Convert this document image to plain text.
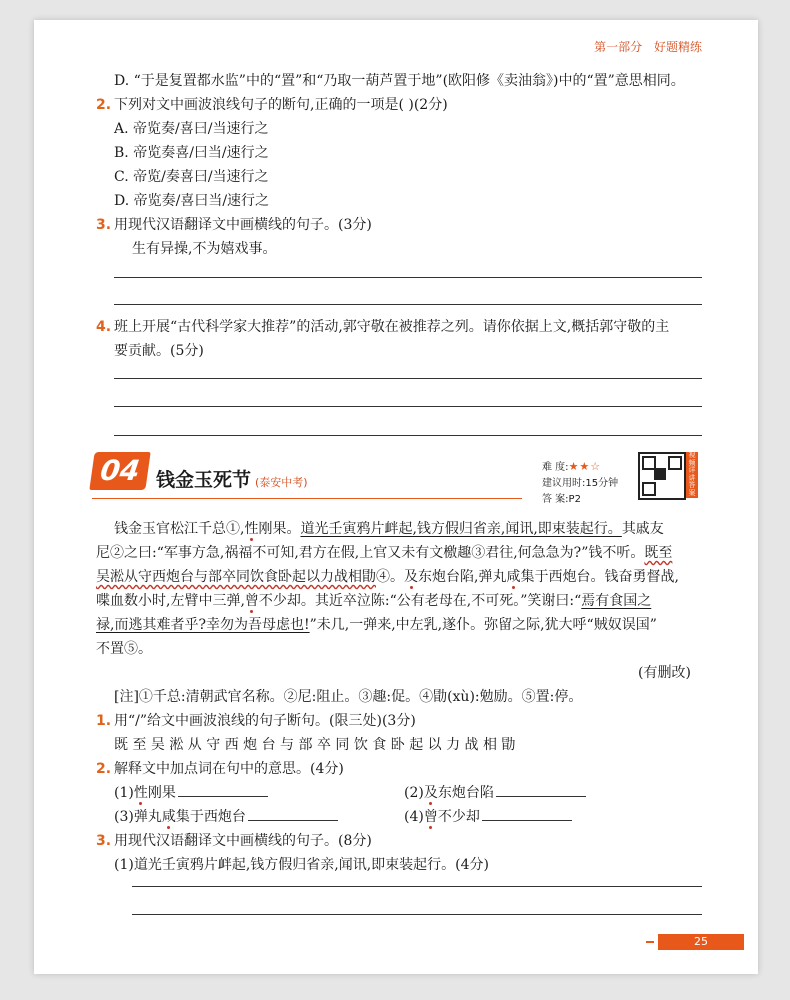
第一部分 好题精练
D. “于是复置都水监”中的“置”和“乃取一葫芦置于地”(欧阳修《卖油翁》)中的“置”意思相同。
2. 下列对文中画波浪线句子的断句,正确的一项是( )(2分)
A. 帝览奏/喜曰/当速行之
B. 帝览奏喜/曰当/速行之
C. 帝览/奏喜曰/当速行之
D. 帝览奏/喜曰当/速行之
3. 用现代汉语翻译文中画横线的句子。(3分)
生有异操,不为嬉戏事。
4. 班上开展“古代科学家大推荐”的活动,郭守敬在被推荐之列。请你依据上文,概括郭守敬的主
要贡献。(5分)
04 钱金玉死节 (泰安中考)
难 度:★★☆
建议用时:15分钟
答 案:P2
视频详讲答案
钱金玉官松江千总①,性刚果。道光壬寅鸦片衅起,钱方假归省亲,闻讯,即束装起行。其戚友
尼②之曰:“军事方急,祸福不可知,君方在假,上官又未有文檄趣③君往,何急急为?”钱不听。既至
吴淞从守西炮台与部卒同饮食卧起以力战相勖④。及东炮台陷,弹丸咸集于西炮台。钱奋勇督战,
喋血数小时,左臂中三弹,曾不少却。其近卒泣陈:“公有老母在,不可死。”笑谢曰:“焉有食国之
禄,而逃其难者乎?幸勿为吾母虑也!”未几,一弹来,中左乳,遂仆。弥留之际,犹大呼“贼奴误国”
不置⑤。
(有删改)
[注]①千总:清朝武官名称。②尼:阻止。③趣:促。④勖(xù):勉励。⑤置:停。
1. 用“/”给文中画波浪线的句子断句。(限三处)(3分)
既 至 吴 淞 从 守 西 炮 台 与 部 卒 同 饮 食 卧 起 以 力 战 相 勖
2. 解释文中加点词在句中的意思。(4分)
(1)性刚果	(2)及东炮台陷
(3)弹丸咸集于西炮台	(4)曾不少却
3. 用现代汉语翻译文中画横线的句子。(8分)
(1)道光壬寅鸦片衅起,钱方假归省亲,闻讯,即束装起行。(4分)
25
